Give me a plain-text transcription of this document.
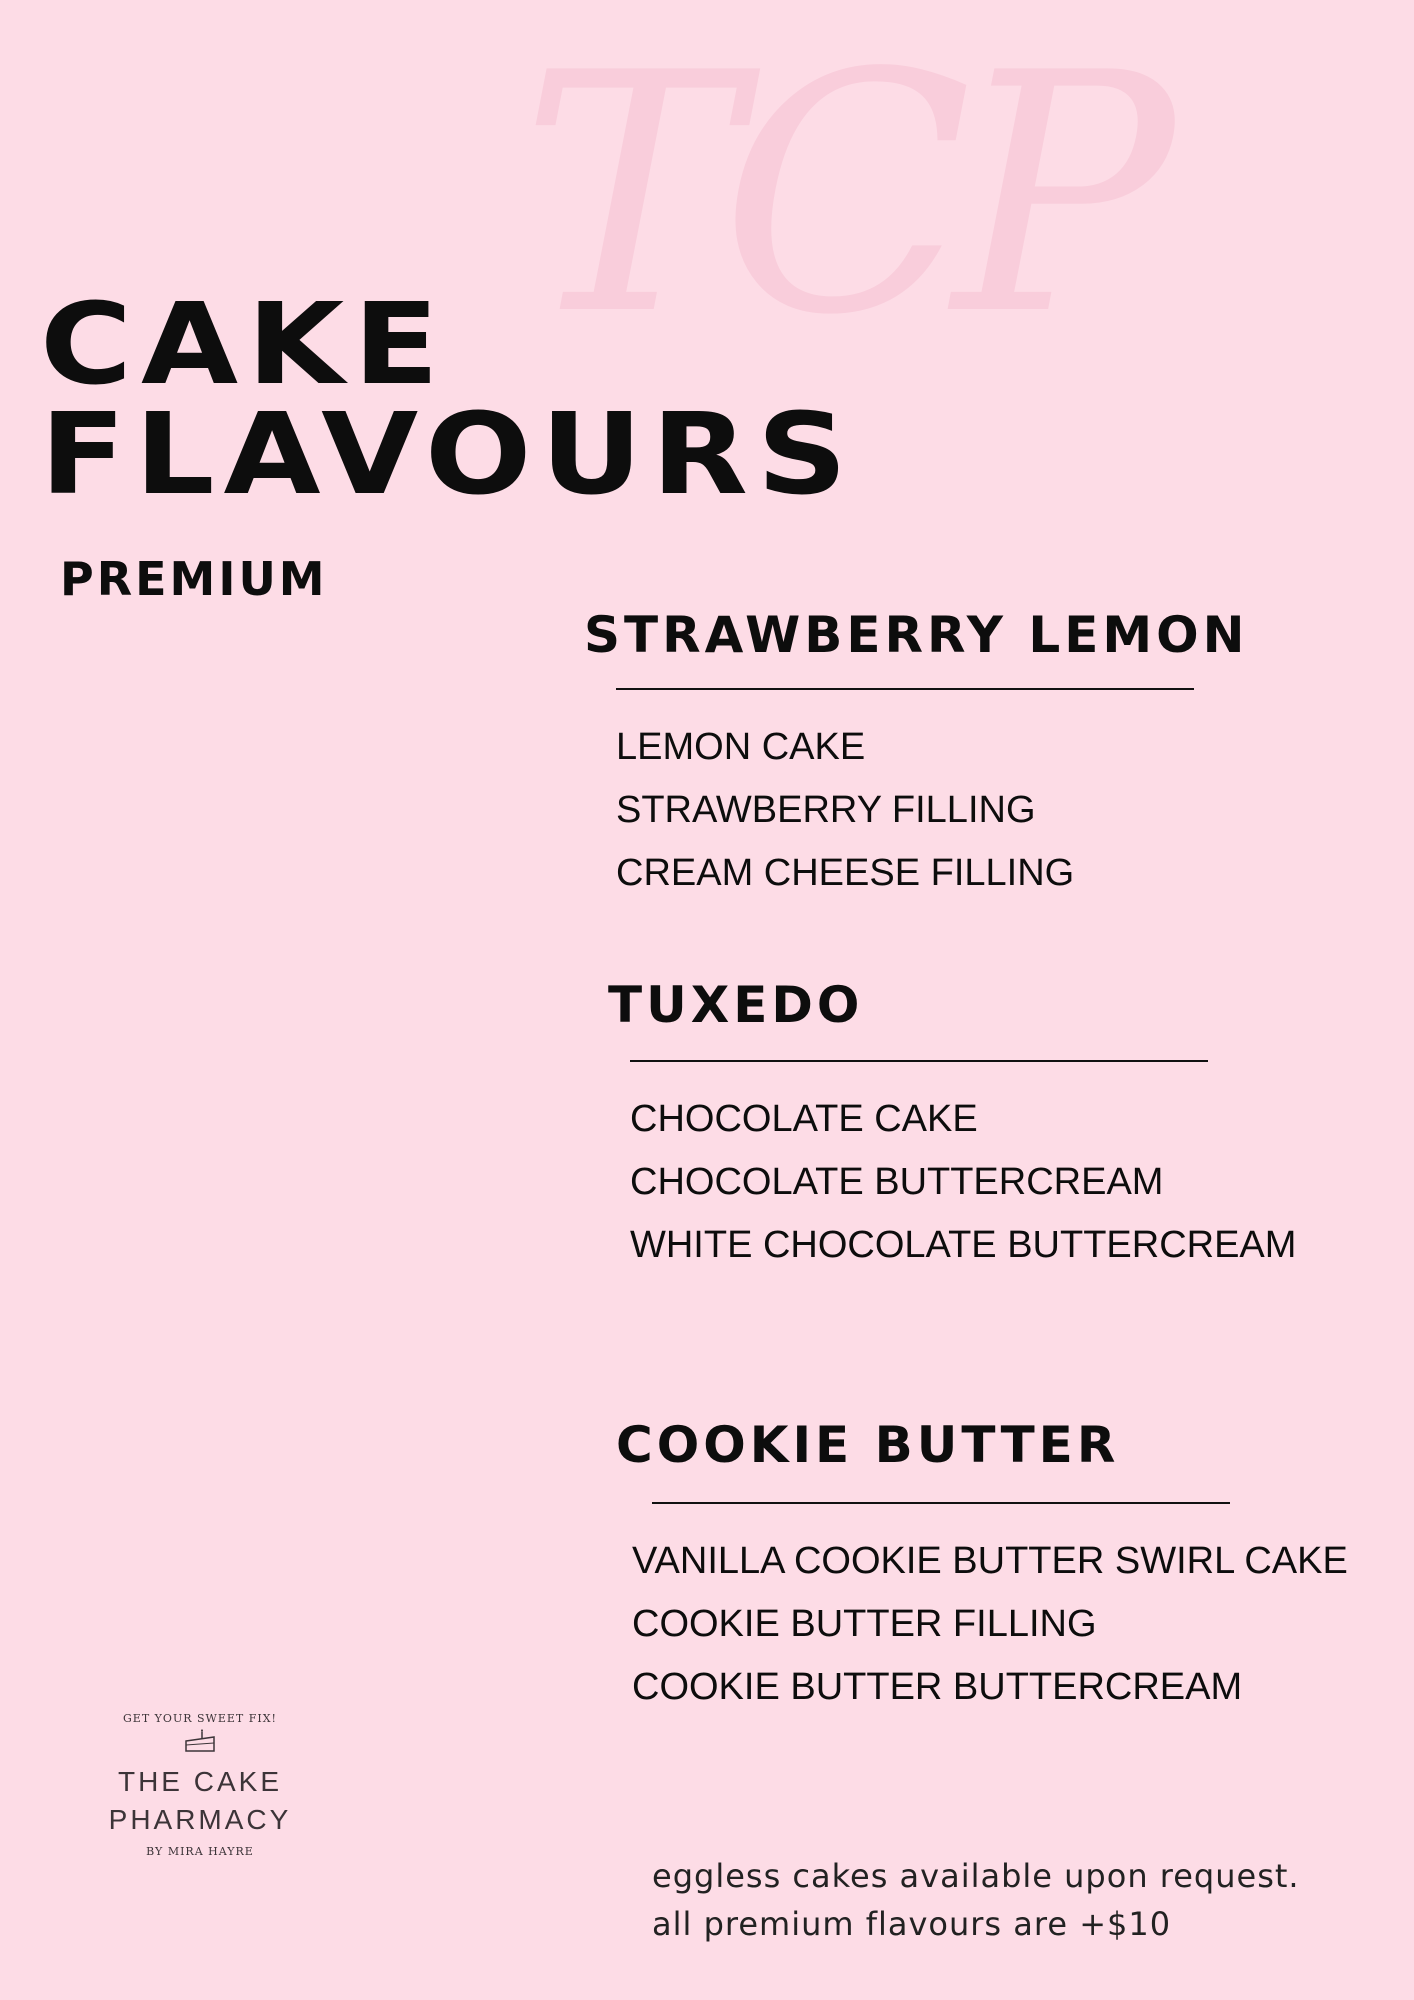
TCP
CAKE
FLAVOURS
PREMIUM
STRAWBERRY LEMON
LEMON CAKE
STRAWBERRY FILLING
CREAM CHEESE FILLING
TUXEDO
CHOCOLATE CAKE
CHOCOLATE BUTTERCREAM
WHITE CHOCOLATE BUTTERCREAM
COOKIE BUTTER
VANILLA COOKIE BUTTER SWIRL CAKE
COOKIE BUTTER FILLING
COOKIE BUTTER BUTTERCREAM
GET YOUR SWEET FIX!
THE CAKE
PHARMACY
BY MIRA HAYRE
eggless cakes available upon request.
all premium flavours are +$10
